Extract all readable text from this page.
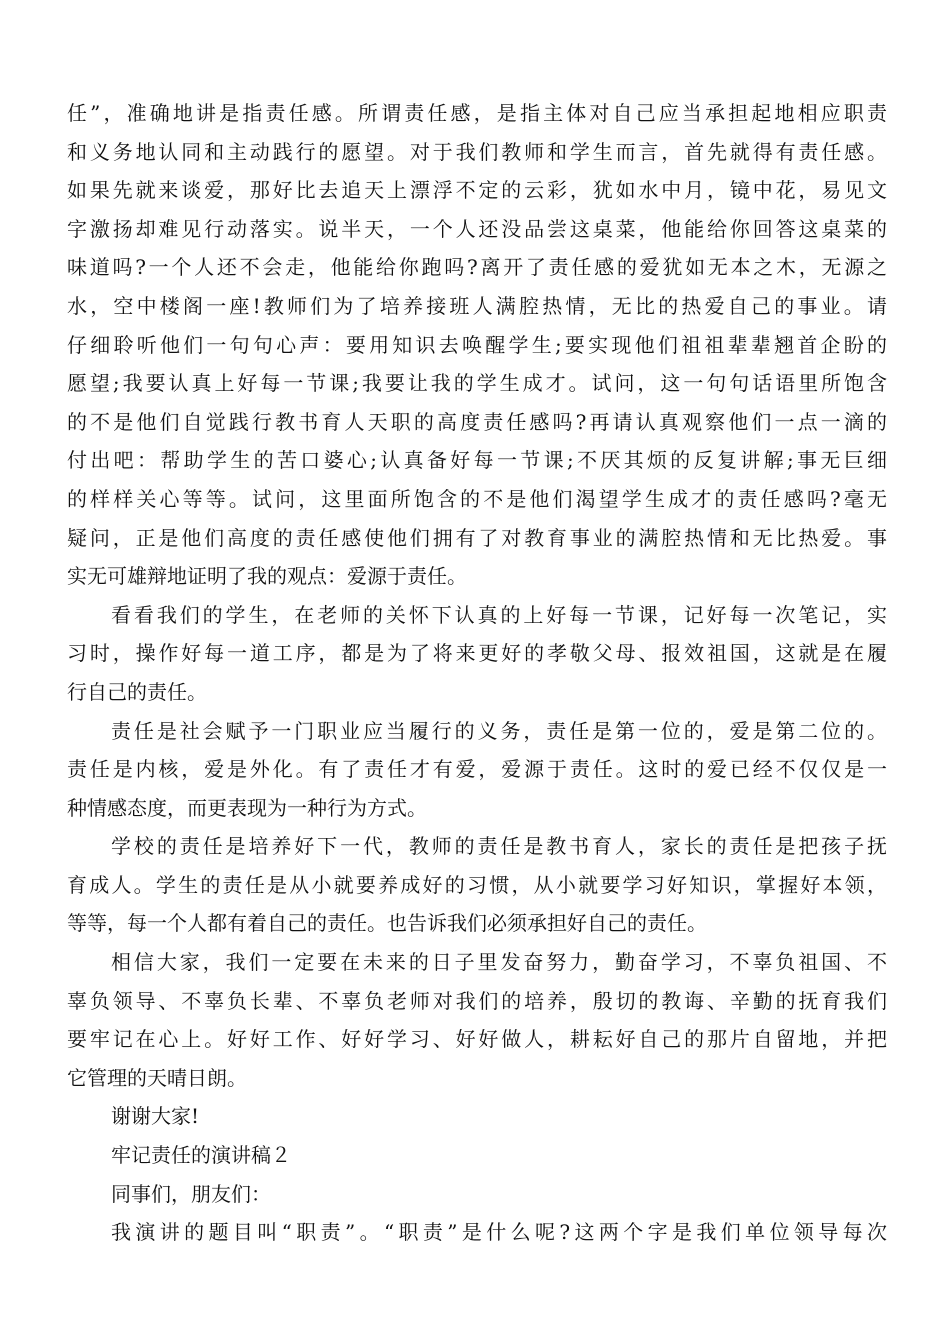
任”，准确地讲是指责任感。所谓责任感，是指主体对自己应当承担起地相应职责
和义务地认同和主动践行的愿望。对于我们教师和学生而言，首先就得有责任感。
如果先就来谈爱，那好比去追天上漂浮不定的云彩，犹如水中月，镜中花，易见文
字激扬却难见行动落实。说半天，一个人还没品尝这桌菜，他能给你回答这桌菜的
味道吗?一个人还不会走，他能给你跑吗?离开了责任感的爱犹如无本之木，无源之
水，空中楼阁一座!教师们为了培养接班人满腔热情，无比的热爱自己的事业。请
仔细聆听他们一句句心声：要用知识去唤醒学生;要实现他们祖祖辈辈翘首企盼的
愿望;我要认真上好每一节课;我要让我的学生成才。试问，这一句句话语里所饱含
的不是他们自觉践行教书育人天职的高度责任感吗?再请认真观察他们一点一滴的
付出吧：帮助学生的苦口婆心;认真备好每一节课;不厌其烦的反复讲解;事无巨细
的样样关心等等。试问，这里面所饱含的不是他们渴望学生成才的责任感吗?毫无
疑问，正是他们高度的责任感使他们拥有了对教育事业的满腔热情和无比热爱。事
实无可雄辩地证明了我的观点：爱源于责任。
看看我们的学生，在老师的关怀下认真的上好每一节课，记好每一次笔记，实
习时，操作好每一道工序，都是为了将来更好的孝敬父母、报效祖国，这就是在履
行自己的责任。
责任是社会赋予一门职业应当履行的义务，责任是第一位的，爱是第二位的。
责任是内核，爱是外化。有了责任才有爱，爱源于责任。这时的爱已经不仅仅是一
种情感态度，而更表现为一种行为方式。
学校的责任是培养好下一代，教师的责任是教书育人，家长的责任是把孩子抚
育成人。学生的责任是从小就要养成好的习惯，从小就要学习好知识，掌握好本领，
等等，每一个人都有着自己的责任。也告诉我们必须承担好自己的责任。
相信大家，我们一定要在未来的日子里发奋努力，勤奋学习，不辜负祖国、不
辜负领导、不辜负长辈、不辜负老师对我们的培养，殷切的教诲、辛勤的抚育我们
要牢记在心上。好好工作、好好学习、好好做人，耕耘好自己的那片自留地，并把
它管理的天晴日朗。
谢谢大家!
牢记责任的演讲稿２
同事们，朋友们：
我演讲的题目叫“职责”。“职责”是什么呢?这两个字是我们单位领导每次
